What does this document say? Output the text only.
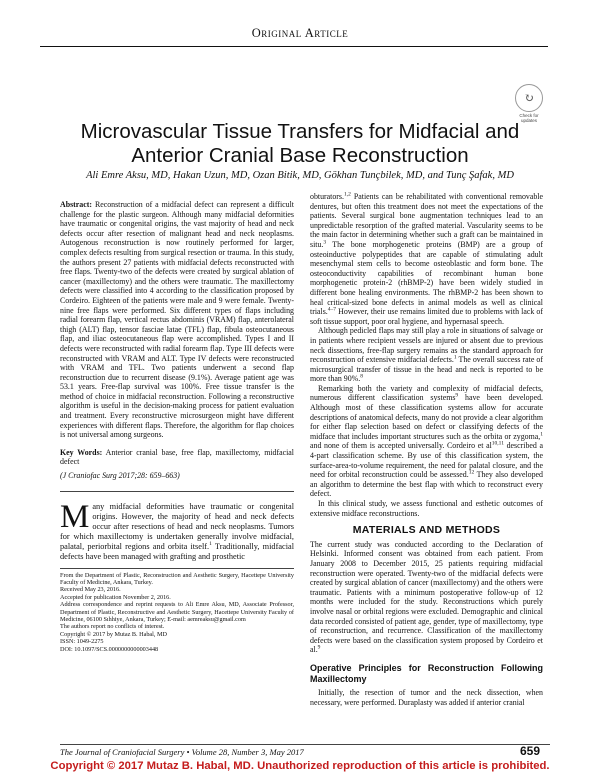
Original Article
↻
Check for updates
Microvascular Tissue Transfers for Midfacial and Anterior Cranial Base Reconstruction
Ali Emre Aksu, MD, Hakan Uzun, MD, Ozan Bitik, MD, Gökhan Tunçbilek, MD, and Tunç Şafak, MD

Abstract: Reconstruction of a midfacial defect can represent a difficult challenge for the plastic surgeon. Although many midfacial deformities have traumatic or congenital origins, the vast majority of head and neck defects occur after resection of malignant head and neck neoplasms. Autogenous reconstruction is now routinely performed for larger, complex defects resulting from surgical resection or trauma. In this study, the authors present 27 patients with midfacial defects reconstructed with free flaps. Twenty-two of the defects were created by surgical ablation of cancer (maxillectomy) and the others were traumatic. The maxillectomy defects were classified into 4 according to the classification proposed by Cordeiro. Eighteen of the patients were male and 9 were female. Twenty-nine free flaps were performed. Six different types of flaps including radial forearm flap, vertical rectus abdominis (VRAM) flap, anterolateral thigh (ALT) flap, tensor fasciae latae (TFL) flap, fibula osteocutaneous flap, and iliac osteocutaneous flap were accomplished. Types I and II defects were reconstructed with radial forearm flap. Type III defects were reconstructed with VRAM and ALT. Type IV defects were reconstructed with VRAM and TFL. Two patients underwent a second flap reconstruction due to recurrent disease (9.1%). Average patient age was 53.1 years. Free-flap survival was 100%. Free tissue transfer is the method of choice in midfacial reconstruction. Following a reconstructive algorithm is useful in the decision-making process for patient evaluation and treatment. Every reconstructive microsurgeon might have different experiences with different flaps. Therefore, the algorithm for flap choices is not universal among surgeons.

Key Words: Anterior cranial base, free flap, maxillectomy, midfacial defect

(J Craniofac Surg 2017;28: 659–663)

Many midfacial deformities have traumatic or congenital origins. However, the majority of head and neck defects occur after resections of head and neck neoplasms. Tumors for which maxillectomy is undertaken generally involve midfacial, palatal, periorbital regions and orbita itself.$^1$ Traditionally, midfacial defects have been managed with grafting and prosthetic

From the Department of Plastic, Reconstruction and Aesthetic Surgery, Hacettepe University Faculty of Medicine, Ankara, Turkey.
Received May 23, 2016.
Accepted for publication November 2, 2016.
Address correspondence and reprint requests to Ali Emre Aksu, MD, Associate Professor, Department of Plastic, Reconstructive and Aesthetic Surgery, Hacettepe University Faculty of Medicine, 06100 Sıhhiye, Ankara, Turkey; E-mail: aemreaksu@gmail.com
The authors report no conflicts of interest.
Copyright © 2017 by Mutaz B. Habal, MD
ISSN: 1049-2275
DOI: 10.1097/SCS.0000000000003448

obturators.$^{1,2}$ Patients can be rehabilitated with conventional removable dentures, but often this treatment does not meet the expectations of the patients. Several surgical bone augmentation techniques lead to an unpredictable resorption of the grafted material. Vascularity seems to be the main factor in determining whether such a graft can be maintained in situ.$^3$ The bone morphogenetic proteins (BMP) are a group of osteoinductive polypeptides that are capable of stimulating adult mesenchymal stem cells to become osteoblastic and form bone. The osteoconductivity capabilities of recombinant human bone morphogenetic protein-2 (rhBMP-2) have been widely studied in different bone healing environments. The rhBMP-2 has been shown to heal critical-sized bone defects in animal models as well as clinical trials.$^{4-7}$ However, their use remains limited due to problems with lack of soft tissue support, poor oral hygiene, and hypernasal speech.

Although pedicled flaps may still play a role in situations of salvage or in patients where recipient vessels are injured or absent due to previous neck dissections, free-flap surgery remains as the standard approach for reconstruction of extensive midfacial defects.$^1$ The overall success rate of microsurgical transfer of tissue in the head and neck is reported to be more than 90%.$^8$

Remarking both the variety and complexity of midfacial defects, numerous different classification systems$^9$ have been developed. Although most of these classification systems allow for accurate descriptions of anatomical defects, many do not provide a clear algorithm for either flap selection based on defect or classifying defects of the midface that includes important structures such as the orbita or zygoma,$^1$ and none of them is accepted universally. Cordeiro et al$^{10,11}$ described a 4-part classification scheme. By use of this classification system, the surface-area-to-volume requirement, the need for palatal closure, and the need for orbital reconstruction could be assessed.$^{12}$ They also developed an algorithm to determine the best flap with which to reconstruct every defect.

In this clinical study, we assess functional and esthetic outcomes of extensive midface reconstructions.

MATERIALS AND METHODS

The current study was conducted according to the Declaration of Helsinki. Informed consent was obtained from each patient. From January 2008 to December 2015, 25 patients requiring midfacial reconstruction were operated. Twenty-two of the midfacial defects were created by surgical ablation of cancer (maxillectomy) and the others were traumatic. Patients with a minimum postoperative follow-up of 12 months were included for the study. Reconstructions which purely involve nasal or orbital regions were excluded. Demographic and clinical data recorded consisted of patient age, gender, type of maxillectomy, type of reconstruction, and recurrence. Classification of the maxillectomy defects were based on the classification system proposed by Cordeiro et al.$^9$

Operative Principles for Reconstruction Following Maxillectomy

Initially, the resection of tumor and the neck dissection, when necessary, were performed. Duraplasty was added if anterior cranial

The Journal of Craniofacial Surgery • Volume 28, Number 3, May 2017	659
Copyright © 2017 Mutaz B. Habal, MD. Unauthorized reproduction of this article is prohibited.
